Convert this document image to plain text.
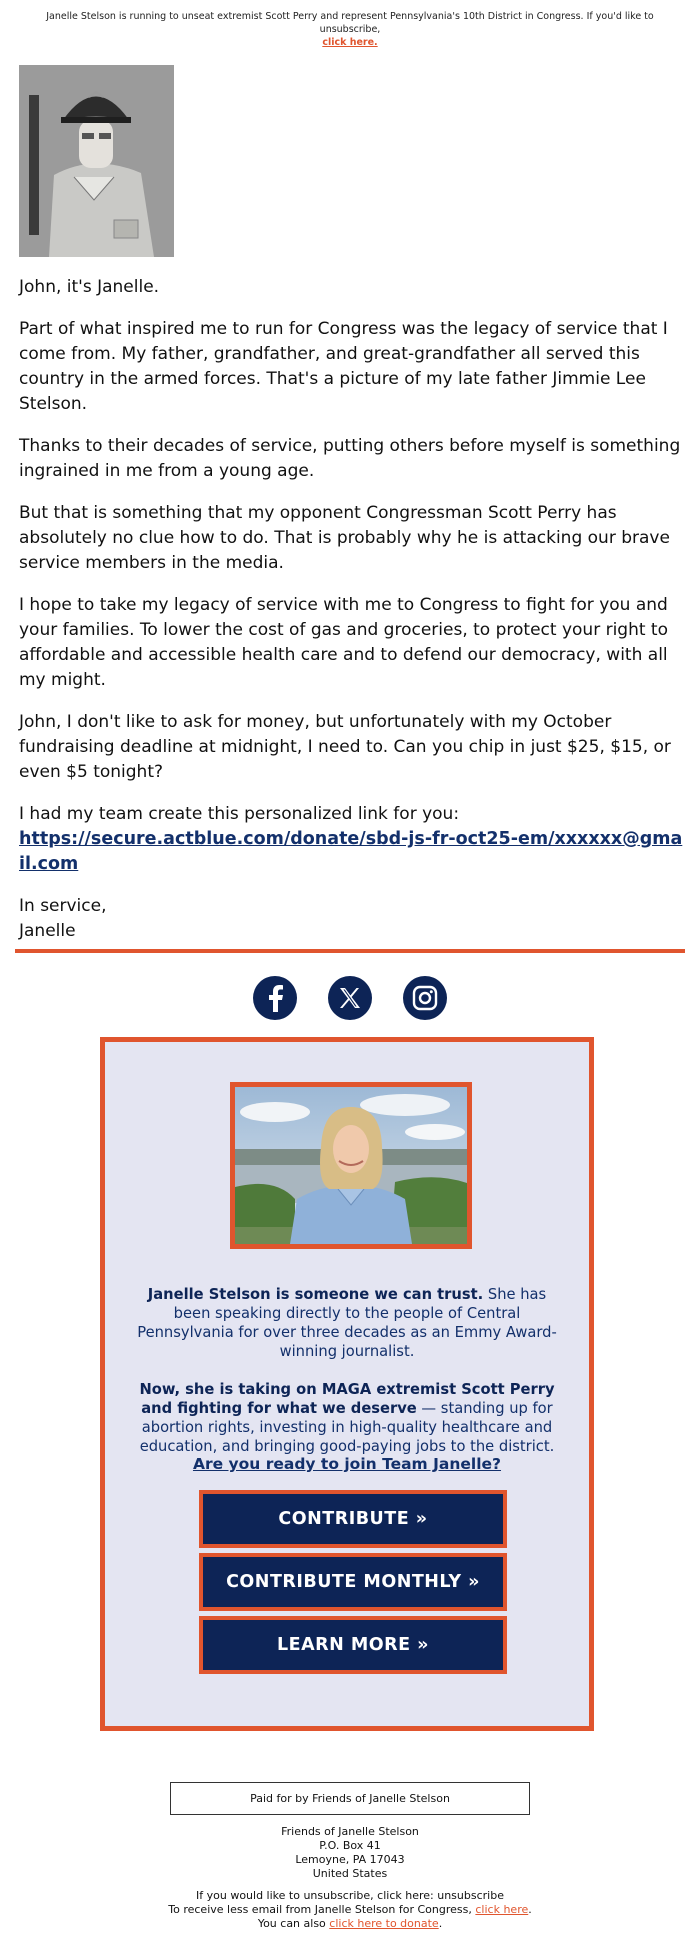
Janelle Stelson is running to unseat extremist Scott Perry and represent Pennsylvania's 10th District in Congress. If you'd like to unsubscribe,
click here.

John, it's Janelle.

Part of what inspired me to run for Congress was the legacy of service that I come from. My father, grandfather, and great-grandfather all served this country in the armed forces. That's a picture of my late father Jimmie Lee Stelson.

Thanks to their decades of service, putting others before myself is something ingrained in me from a young age.

But that is something that my opponent Congressman Scott Perry has absolutely no clue how to do. That is probably why he is attacking our brave service members in the media.

I hope to take my legacy of service with me to Congress to fight for you and your families. To lower the cost of gas and groceries, to protect your right to affordable and accessible health care and to defend our democracy, with all my might.

John, I don't like to ask for money, but unfortunately with my October fundraising deadline at midnight, I need to. Can you chip in just $25, $15, or even $5 tonight?

I had my team create this personalized link for you:
https://secure.actblue.com/donate/sbd-js-fr-oct25-em/xxxxxx@gmail.com

In service,
Janelle

Janelle Stelson is someone we can trust. She has been speaking directly to the people of Central Pennsylvania for over three decades as an Emmy Award-winning journalist.

Now, she is taking on MAGA extremist Scott Perry and fighting for what we deserve — standing up for abortion rights, investing in high-quality healthcare and education, and bringing good-paying jobs to the district.

Are you ready to join Team Janelle?
CONTRIBUTE »
CONTRIBUTE MONTHLY »
LEARN MORE »
Paid for by Friends of Janelle Stelson
Friends of Janelle Stelson
P.O. Box 41
Lemoyne, PA 17043
United States
If you would like to unsubscribe, click here: unsubscribe
To receive less email from Janelle Stelson for Congress, click here.
You can also click here to donate.
